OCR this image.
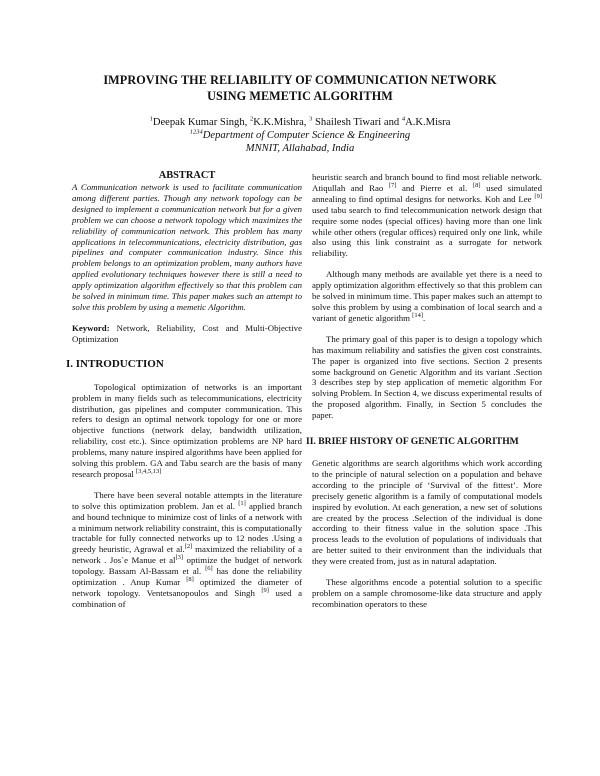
IMPROVING THE RELIABILITY OF COMMUNICATION NETWORK
USING MEMETIC ALGORITHM
$^1$Deepak Kumar Singh, $^2$K.K.Mishra, $^3$ Shailesh Tiwari and $^4$A.K.Misra
$^{1234}$Department of Computer Science & Engineering
MNNIT, Allahabad, India
ABSTRACT

A Communication network is used to facilitate communication among different parties. Though any network topology can be designed to implement a communication network but for a given problem we can choose a network topology which maximizes the reliability of communication network. This problem has many applications in telecommunications, electricity distribution, gas pipelines and computer communication industry. Since this problem belongs to an optimization problem, many authors have applied evolutionary techniques however there is still a need to apply optimization algorithm effectively so that this problem can be solved in minimum time. This paper makes such an attempt to solve this problem by using a memetic Algorithm.

Keyword: Network, Reliability, Cost and Multi-Objective Optimization

I. INTRODUCTION

Topological optimization of networks is an important problem in many fields such as telecommunications, electricity distribution, gas pipelines and computer communication. This refers to design an optimal network topology for one or more objective functions (network delay, bandwidth utilization, reliability, cost etc.). Since optimization problems are NP hard problems, many nature inspired algorithms have been applied for solving this problem. GA and Tabu search are the basis of many research proposal [3,4,5,13]

There have been several notable attempts in the literature to solve this optimization problem. Jan et al. [1] applied branch and bound technique to minimize cost of links of a network with a minimum network reliability constraint, this is computationally tractable for fully connected networks up to 12 nodes .Using a greedy heuristic, Agrawal et al.[2] maximized the reliability of a network . Jos`e Manue et al[3] optimize the budget of network topology. Bassam Al-Bassam et al. [6] has done the reliability optimization . Anup Kumar [8] optimized the diameter of network topology. Ventetsanopoulos and Singh [9] used a combination of

heuristic search and branch bound to find most reliable network. Atiqullah and Rao [7] and Pierre et al. [8] used simulated annealing to find optimal designs for networks. Koh and Lee [9] used tabu search to find telecommunication network design that require some nodes (special offices) having more than one link while other others (regular offices) required only one link, while also using this link constraint as a surrogate for network reliability.

Although many methods are available yet there is a need to apply optimization algorithm effectively so that this problem can be solved in minimum time. This paper makes such an attempt to solve this problem by using a combination of local search and a variant of genetic algorithm [14].

The primary goal of this paper is to design a topology which has maximum reliability and satisfies the given cost constraints. The paper is organized into five sections. Section 2 presents some background on Genetic Algorithm and its variant .Section 3 describes step by step application of memetic algorithm For solving Problem. In Section 4, we discuss experimental results of the proposed algorithm. Finally, in Section 5 concludes the paper.

II. BRIEF HISTORY OF GENETIC ALGORITHM

Genetic algorithms are search algorithms which work according to the principle of natural selection on a population and behave according to the principle of ‘Survival of the fittest’. More precisely genetic algorithm is a family of computational models inspired by evolution. At each generation, a new set of solutions are created by the process .Selection of the individual is done according to their fitness value in the solution space .This process leads to the evolution of populations of individuals that are better suited to their environment than the individuals that they were created from, just as in natural adaptation.

These algorithms encode a potential solution to a specific problem on a sample chromosome-like data structure and apply recombination operators to these
